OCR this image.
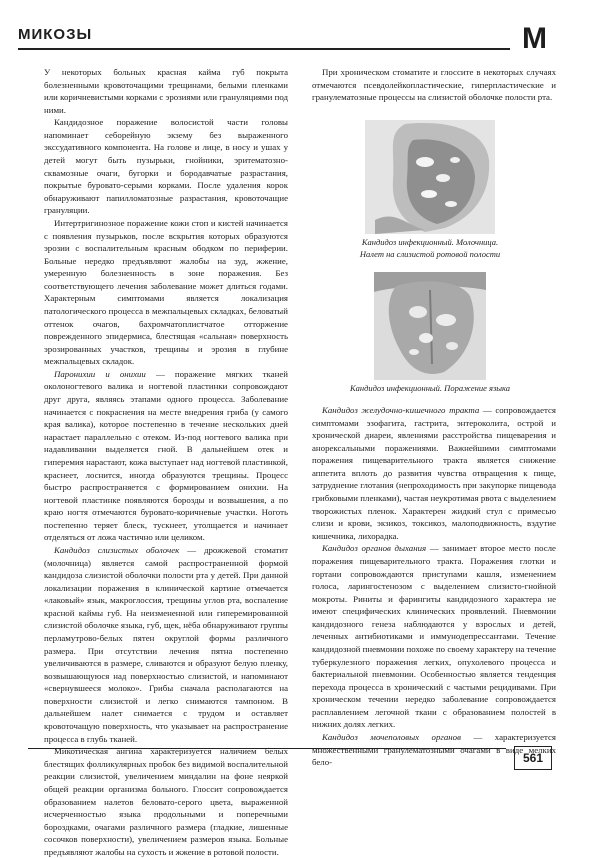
МИКОЗЫ	М

У некоторых больных красная кайма губ покрыта болезненными кровоточащими трещинами, белыми пленками или коричневистыми корками с эрозиями или грануляциями под ними.

Кандидозное поражение волосистой части головы напоминает себорейную экзему без выраженного экссудативного компонента. На голове и лице, в носу и ушах у детей могут быть пузырьки, гнойники, эритематозно-сквамозные очаги, бугорки и бородавчатые разрастания, покрытые буровато-серыми корками. После удаления корок обнаруживают папилломатозные разрастания, кровоточащие грануляции.

Интертригинозное поражение кожи стоп и кистей начинается с появления пузырьков, после вскрытия которых образуются эрозии с воспалительным красным ободком по периферии. Больные нередко предъявляют жалобы на зуд, жжение, умеренную болезненность в зоне поражения. Без соответствующего лечения заболевание может длиться годами. Характерным симптомами является локализация патологического процесса в межпальцевых складках, беловатый оттенок очагов, бахромчатоплистчатое отторжение поврежденного эпидермиса, блестящая «сальная» поверхность эрозированных участков, трещины и эрозия в глубине межпальцевых складок.

Паронихии и онихии — поражение мягких тканей околоногтевого валика и ногтевой пластинки сопровождают друг друга, являясь этапами одного процесса. Заболевание начинается с покраснения на месте внедрения гриба (у самого края валика), которое постепенно в течение нескольких дней нарастает параллельно с отеком. Из-под ногтевого валика при надавливании выделяется гной. В дальнейшем отек и гиперемия нарастают, кожа выступает над ногтевой пластинкой, краснеет, лоснится, иногда образуются трещины. Процесс быстро распространяется с формированием онихии. На ногтевой пластинке появляются борозды и возвышения, а по краю ногтя отмечаются буровато-коричневые участки. Ноготь постепенно теряет блеск, тускнеет, утолщается и начинает отделяться от ложа частично или целиком.

Кандидоз слизистых оболочек — дрожжевой стоматит (молочница) является самой распространенной формой кандидоза слизистой оболочки полости рта у детей. При данной локализации поражения в клинической картине отмечается «лаковый» язык, макроглоссия, трещины углов рта, воспаление красной каймы губ. На неизмененной или гиперемированной слизистой оболочке языка, губ, щек, нёба обнаруживают группы перламутрово-белых пятен округлой формы различного размера. При отсутствии лечения пятна постепенно увеличиваются в размере, сливаются и образуют белую пленку, возвышающуюся над поверхностью слизистой, и напоминают «свернувшееся молоко». Грибы сначала располагаются на поверхности слизистой и легко снимаются тампоном. В дальнейшем налет снимается с трудом и оставляет кровоточащую поверхность, что указывает на распространение процесса в глубь тканей.

Микотическая ангина характеризуется наличием белых блестящих фолликулярных пробок без видимой воспалительной реакции слизистой, увеличением миндалин на фоне неяркой общей реакции организма больного. Глоссит сопровождается образованием налетов беловато-серого цвета, выраженной исчерченностью языка продольными и поперечными бороздками, очагами различного размера (гладкие, лишенные сосочков поверхности), увеличением размеров языка. Больные предъявляют жалобы на сухость и жжение в ротовой полости.

При хроническом стоматите и глоссите в некоторых случаях отмечаются псевдолейкопластические, гиперпластические и гранулематозные процессы на слизистой оболочке полости рта.

Кандидоз инфекционный. Молочница.
Налет на слизистой ротовой полости
Кандидоз инфекционный. Поражение языка

Кандидоз желудочно-кишечного тракта — сопровождается симптомами эзофагита, гастрита, энтероколита, острой и хронической диареи, явлениями расстройства пищеварения и анорексальными поражениями. Важнейшими симптомами поражения пищеварительного тракта является снижение аппетита вплоть до развития чувства отвращения к пище, затруднение глотания (непроходимость при закупорке пищевода грибковыми пленками), частая неукротимая рвота с выделением творожистых пленок. Характерен жидкий стул с примесью слизи и крови, экзикоз, токсикоз, малоподвижность, вздутие кишечника, лихорадка.

Кандидоз органов дыхания — занимает второе место после поражения пищеварительного тракта. Поражения глотки и гортани сопровождаются приступами кашля, изменением голоса, ларингостенозом с выделением слизисто-гнойной мокроты. Риниты и фарингиты кандидозного характера не имеют специфических клинических проявлений. Пневмонии кандидозного генеза наблюдаются у взрослых и детей, леченных антибиотиками и иммунодепрессантами. Течение кандидозной пневмонии похоже по своему характеру на течение туберкулезного поражения легких, опухолевого процесса и бактериальной пневмонии. Особенностью является тенденция перехода процесса в хронический с частыми рецидивами. При хроническом течении нередко заболевание сопровождается расплавлением легочной ткани с образованием полостей в нижних долях легких.

Кандидоз мочеполовых органов — характеризуется множественными гранулематозными очагами в виде мелких бело-	561
